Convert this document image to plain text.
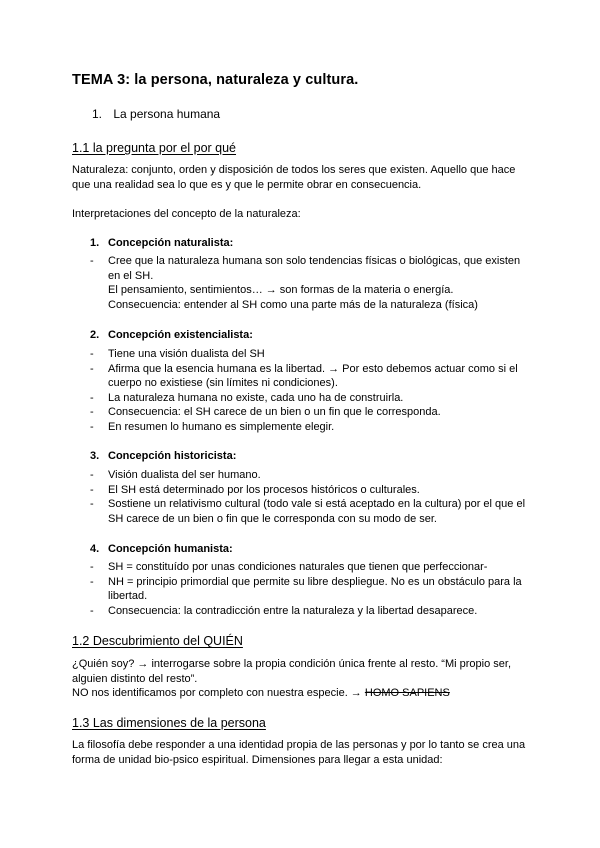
TEMA 3: la persona, naturaleza y cultura.
1. La persona humana
1.1 la pregunta por el por qué
Naturaleza: conjunto, orden y disposición de todos los seres que existen. Aquello que hace que una realidad sea lo que es y que le permite obrar en consecuencia.
Interpretaciones del concepto de la naturaleza:
1. Concepción naturalista:
- Cree que la naturaleza humana son solo tendencias físicas o biológicas, que existen en el SH.
El pensamiento, sentimientos… → son formas de la materia o energía.
Consecuencia: entender al SH como una parte más de la naturaleza (física)
2. Concepción existencialista:
- Tiene una visión dualista del SH
- Afirma que la esencia humana es la libertad. → Por esto debemos actuar como si el cuerpo no existiese (sin límites ni condiciones).
- La naturaleza humana no existe, cada uno ha de construirla.
- Consecuencia: el SH carece de un bien o un fin que le corresponda.
- En resumen lo humano es simplemente elegir.
3. Concepción historicista:
- Visión dualista del ser humano.
- El SH está determinado por los procesos históricos o culturales.
- Sostiene un relativismo cultural (todo vale si está aceptado en la cultura) por el que el SH carece de un bien o fin que le corresponda con su modo de ser.
4. Concepción humanista:
- SH = constituído por unas condiciones naturales que tienen que perfeccionar-
- NH = principio primordial que permite su libre despliegue. No es un obstáculo para la libertad.
- Consecuencia: la contradicción entre la naturaleza y la libertad desaparece.
1.2 Descubrimiento del QUIÉN
¿Quién soy? → interrogarse sobre la propia condición única frente al resto. “Mi propio ser, alguien distinto del resto”.
NO nos identificamos por completo con nuestra especie. → HOMO SAPIENS
1.3 Las dimensiones de la persona
La filosofía debe responder a una identidad propia de las personas y por lo tanto se crea una forma de unidad bio-psico espiritual. Dimensiones para llegar a esta unidad:
